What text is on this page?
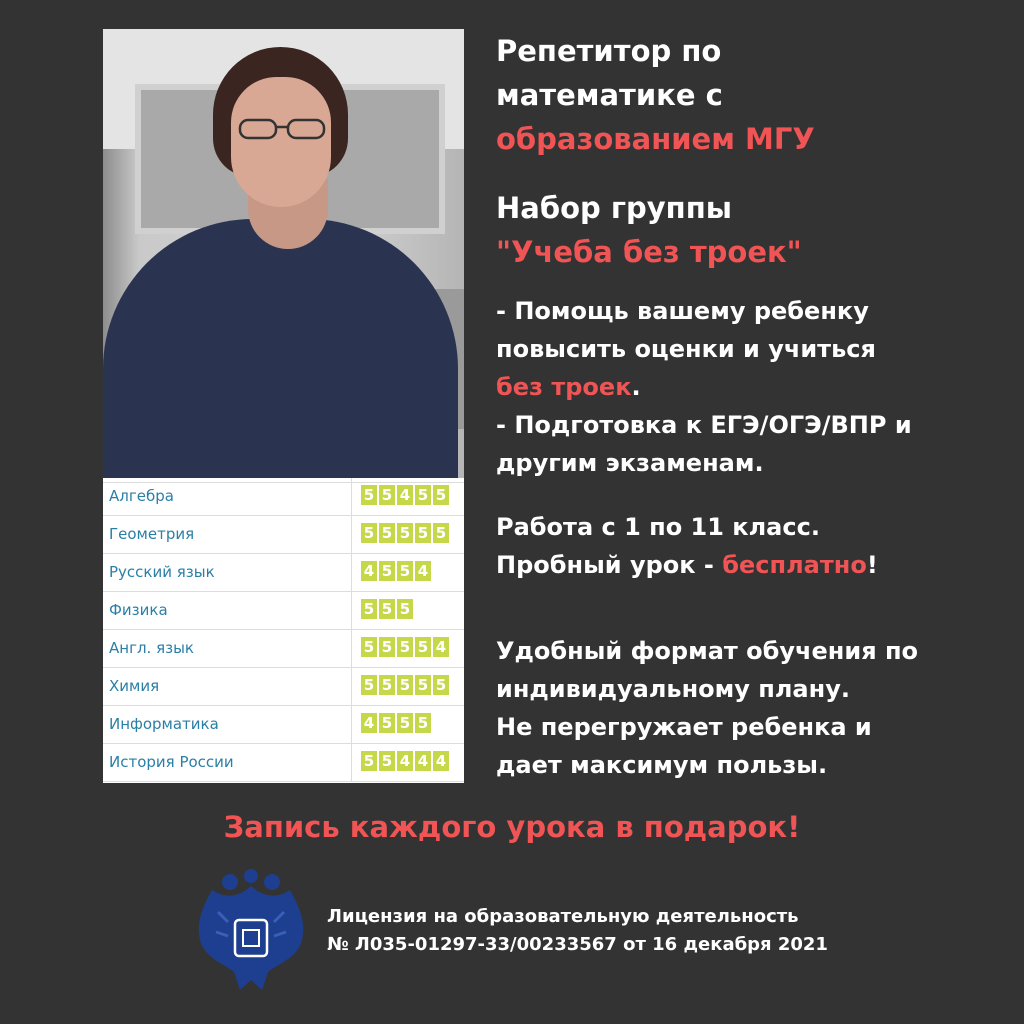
Алгебра	5 5 4 5 5
Геометрия	5 5 5 5 5
Русский язык	4 5 5 4
Физика	5 5 5
Англ. язык	5 5 5 5 4
Химия	5 5 5 5 5
Информатика	4 5 5 5
История России	5 5 4 4 4
Репетитор по
математике с
образованием МГУ
Набор группы
"Учеба без троек"
- Помощь вашему ребенку
повысить оценки и учиться
без троек.
- Подготовка к ЕГЭ/ОГЭ/ВПР и
другим экзаменам.
Работа с 1 по 11 класс.
Пробный урок - бесплатно!
Удобный формат обучения по
индивидуальному плану.
Не перегружает ребенка и
дает максимум пользы.
Запись каждого урока в подарок!
Лицензия на образовательную деятельность
№ Л035-01297-33/00233567 от 16 декабря 2021
